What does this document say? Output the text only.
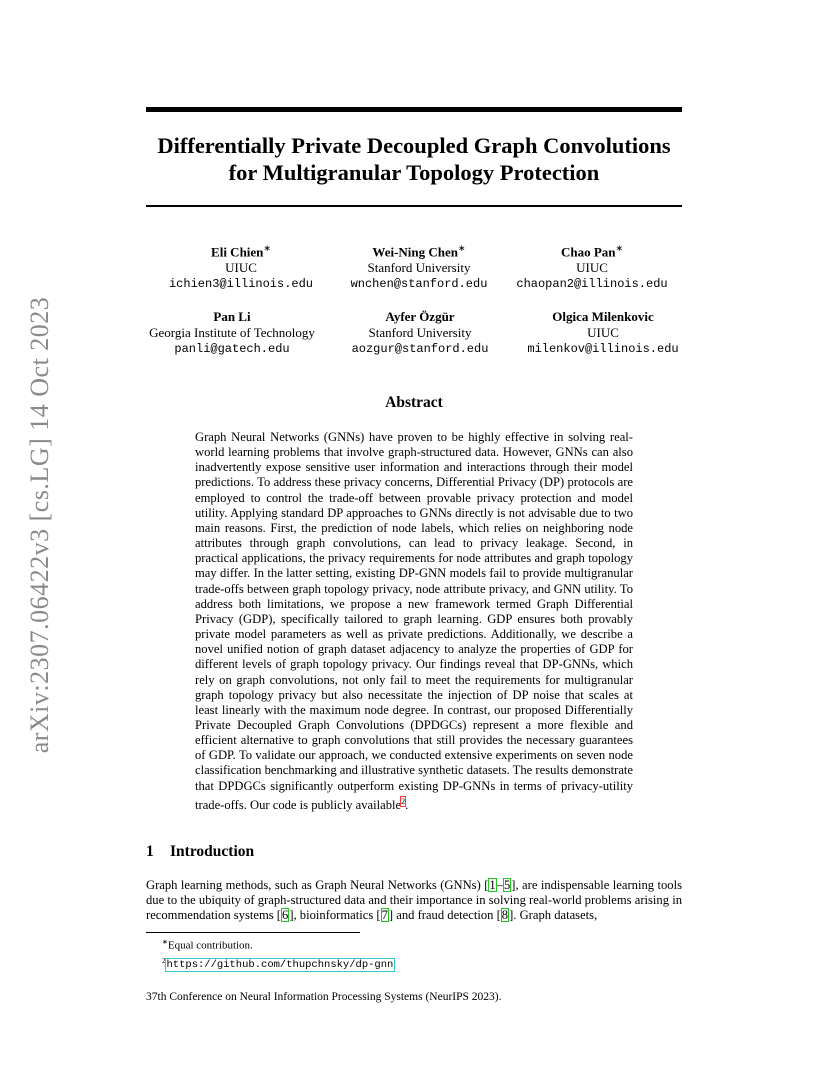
arXiv:2307.06422v3 [cs.LG] 14 Oct 2023
Differentially Private Decoupled Graph Convolutions
for Multigranular Topology Protection
Eli Chien∗
UIUC
ichien3@illinois.edu
Wei-Ning Chen∗
Stanford University
wnchen@stanford.edu
Chao Pan∗
UIUC
chaopan2@illinois.edu
Pan Li
Georgia Institute of Technology
panli@gatech.edu
Ayfer Özgür
Stanford University
aozgur@stanford.edu
Olgica Milenkovic
UIUC
milenkov@illinois.edu
Abstract
Graph Neural Networks (GNNs) have proven to be highly effective in solving real-world learning problems that involve graph-structured data. However, GNNs can also inadvertently expose sensitive user information and interactions through their model predictions. To address these privacy concerns, Differential Privacy (DP) protocols are employed to control the trade-off between provable privacy protection and model utility. Applying standard DP approaches to GNNs directly is not advisable due to two main reasons. First, the prediction of node labels, which relies on neighboring node attributes through graph convolutions, can lead to privacy leakage. Second, in practical applications, the privacy requirements for node attributes and graph topology may differ. In the latter setting, existing DP-GNN models fail to provide multigranular trade-offs between graph topology privacy, node attribute privacy, and GNN utility. To address both limitations, we propose a new framework termed Graph Differential Privacy (GDP), specifically tailored to graph learning. GDP ensures both provably private model parameters as well as private predictions. Additionally, we describe a novel unified notion of graph dataset adjacency to analyze the properties of GDP for different levels of graph topology privacy. Our findings reveal that DP-GNNs, which rely on graph convolutions, not only fail to meet the requirements for multigranular graph topology privacy but also necessitate the injection of DP noise that scales at least linearly with the maximum node degree. In contrast, our proposed Differentially Private Decoupled Graph Convolutions (DPDGCs) represent a more flexible and efficient alternative to graph convolutions that still provides the necessary guarantees of GDP. To validate our approach, we conducted extensive experiments on seven node classification benchmarking and illustrative synthetic datasets. The results demonstrate that DPDGCs significantly outperform existing DP-GNNs in terms of privacy-utility trade-offs. Our code is publicly available$^2$.
1 Introduction
Graph learning methods, such as Graph Neural Networks (GNNs) [1–5], are indispensable learning tools due to the ubiquity of graph-structured data and their importance in solving real-world problems arising in recommendation systems [6], bioinformatics [7] and fraud detection [8]. Graph datasets,
∗Equal contribution.
$^2$https://github.com/thupchnsky/dp-gnn
37th Conference on Neural Information Processing Systems (NeurIPS 2023).
